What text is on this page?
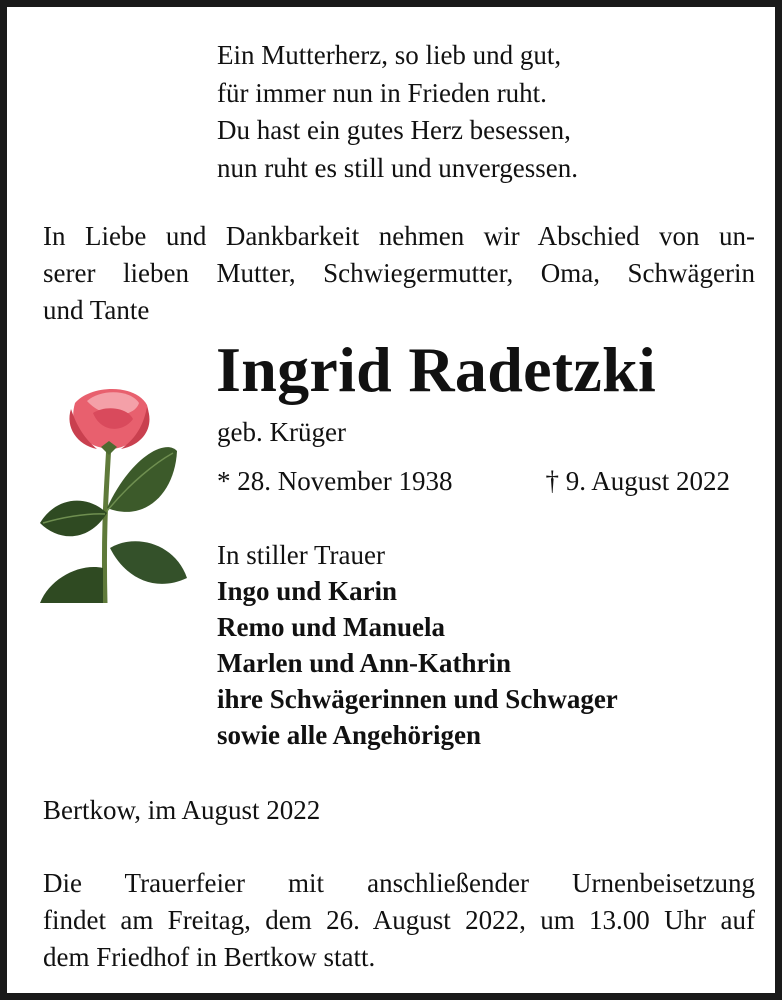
Ein Mutterherz, so lieb und gut,
für immer nun in Frieden ruht.
Du hast ein gutes Herz besessen,
nun ruht es still und unvergessen.
In Liebe und Dankbarkeit nehmen wir Abschied von un-
serer lieben Mutter, Schwiegermutter, Oma, Schwägerin
und Tante
Ingrid Radetzki
geb. Krüger
* 28. November 1938	† 9. August 2022
In stiller Trauer
Ingo und Karin
Remo und Manuela
Marlen und Ann-Kathrin
ihre Schwägerinnen und Schwager
sowie alle Angehörigen
Bertkow, im August 2022
Die Trauerfeier mit anschließender Urnenbeisetzung
findet am Freitag, dem 26. August 2022, um 13.00 Uhr auf
dem Friedhof in Bertkow statt.
